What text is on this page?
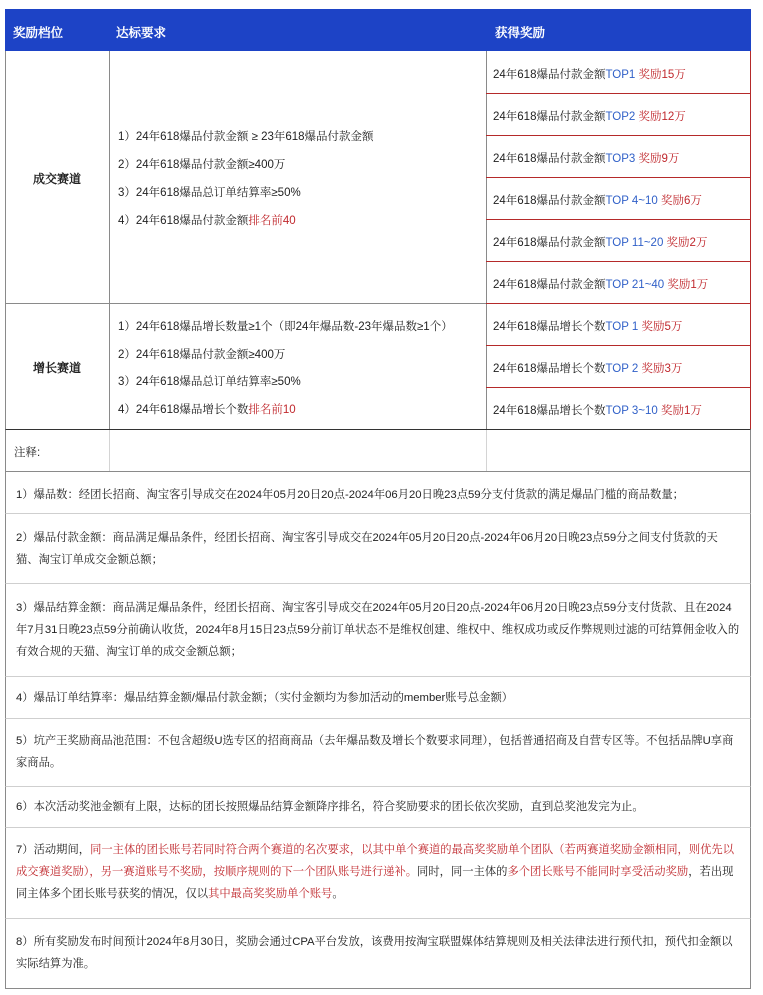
奖励档位	达标要求	获得奖励
成交赛道
增长赛道
1）24年618爆品付款金额 ≥ 23年618爆品付款金额
2）24年618爆品付款金额≥400万
3）24年618爆品总订单结算率≥50%
4）24年618爆品付款金额排名前40
1）24年618爆品增长数量≥1个（即24年爆品数-23年爆品数≥1个）
2）24年618爆品付款金额≥400万
3）24年618爆品总订单结算率≥50%
4）24年618爆品增长个数排名前10
24年618爆品付款金额TOP1 奖励15万
24年618爆品付款金额TOP2 奖励12万
24年618爆品付款金额TOP3 奖励9万
24年618爆品付款金额TOP 4~10 奖励6万
24年618爆品付款金额TOP 11~20 奖励2万
24年618爆品付款金额TOP 21~40 奖励1万
24年618爆品增长个数TOP 1 奖励5万
24年618爆品增长个数TOP 2 奖励3万
24年618爆品增长个数TOP 3~10 奖励1万
注释:

1）爆品数：经团长招商、淘宝客引导成交在2024年05月20日20点-2024年06月20日晚23点59分支付货款的满足爆品门槛的商品数量；

2）爆品付款金额：商品满足爆品条件，经团长招商、淘宝客引导成交在2024年05月20日20点-2024年06月20日晚23点59分之间支付货款的天猫、淘宝订单成交金额总额；

3）爆品结算金额：商品满足爆品条件，经团长招商、淘宝客引导成交在2024年05月20日20点-2024年06月20日晚23点59分支付货款、且在2024年7月31日晚23点59分前确认收货，2024年8月15日23点59分前订单状态不是维权创建、维权中、维权成功或反作弊规则过滤的可结算佣金收入的有效合规的天猫、淘宝订单的成交金额总额；

4）爆品订单结算率：爆品结算金额/爆品付款金额；（实付金额均为参加活动的member账号总金额）

5）坑产王奖励商品池范围：不包含超级U选专区的招商商品（去年爆品数及增长个数要求同理），包括普通招商及自营专区等。不包括品牌U享商家商品。

6）本次活动奖池金额有上限，达标的团长按照爆品结算金额降序排名，符合奖励要求的团长依次奖励，直到总奖池发完为止。

7）活动期间，同一主体的团长账号若同时符合两个赛道的名次要求，以其中单个赛道的最高奖奖励单个团队（若两赛道奖励金额相同，则优先以成交赛道奖励），另一赛道账号不奖励，按顺序规则的下一个团队账号进行递补。同时，同一主体的多个团长账号不能同时享受活动奖励，若出现同主体多个团长账号获奖的情况，仅以其中最高奖奖励单个账号。

8）所有奖励发布时间预计2024年8月30日，奖励会通过CPA平台发放，该费用按淘宝联盟媒体结算规则及相关法律法进行预代扣，预代扣金额以实际结算为准。
